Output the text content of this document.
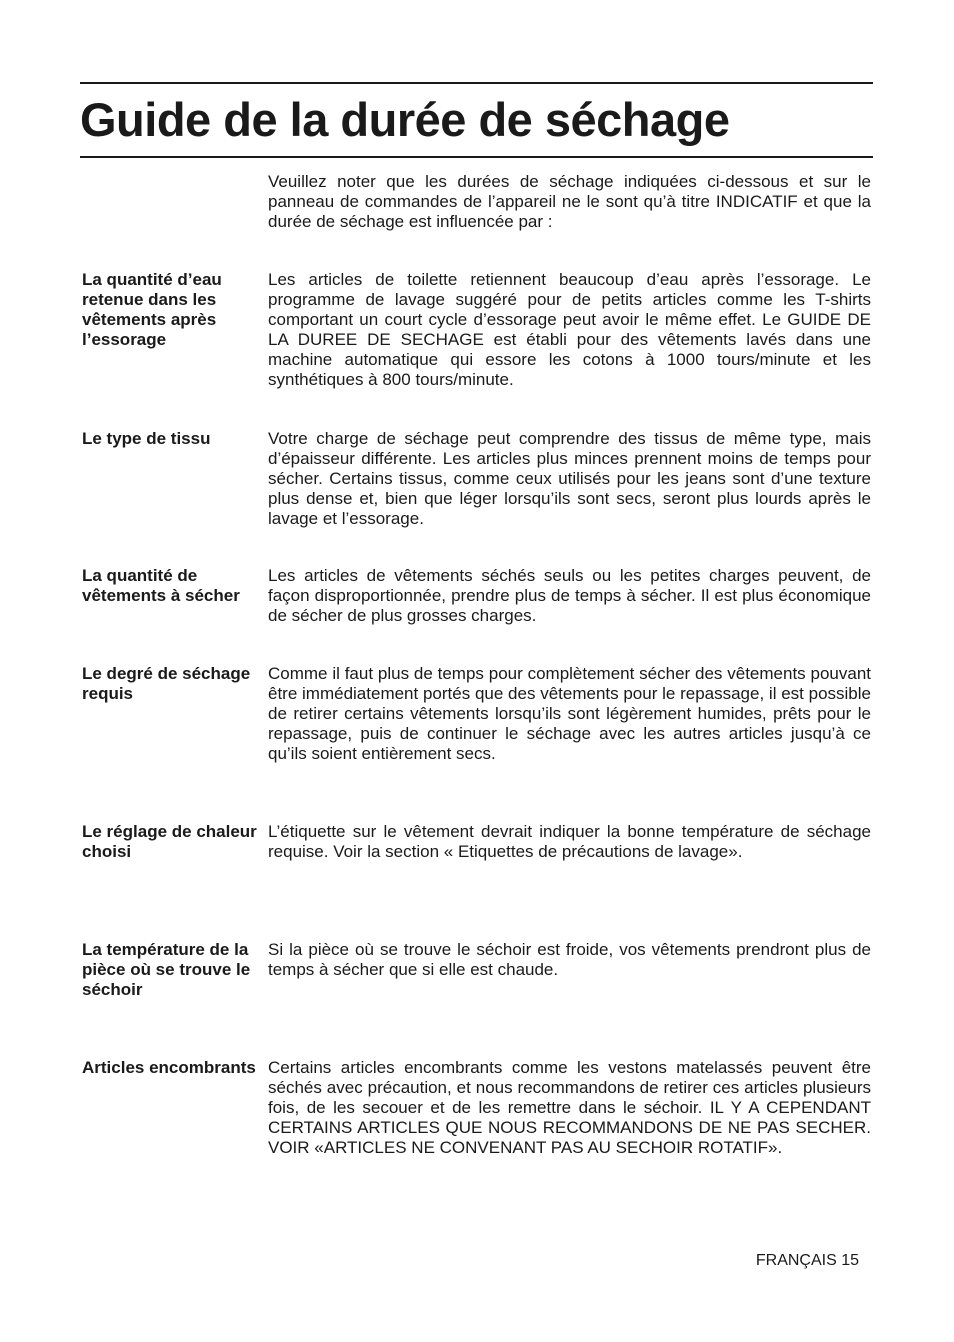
Guide de la durée de séchage

Veuillez noter que les durées de séchage indiquées ci-dessous et sur le panneau de commandes de l’appareil ne le sont qu’à titre INDICATIF et que la durée de séchage est influencée par :

La quantité d’eau retenue dans les vêtements après l’essorage

Les articles de toilette retiennent beaucoup d’eau après l’essorage. Le programme de lavage suggéré pour de petits articles comme les T-shirts comportant un court cycle d’essorage peut avoir le même effet. Le GUIDE DE LA DUREE DE SECHAGE est établi pour des vêtements lavés dans une machine automatique qui essore les cotons à 1000 tours/minute et les synthétiques à 800 tours/minute.

Le type de tissu	Votre charge de séchage peut comprendre des tissus de même type, mais d’épaisseur différente. Les articles plus minces prennent moins de temps pour sécher. Certains tissus, comme ceux utilisés pour les jeans sont d’une texture plus dense et, bien que léger lorsqu’ils sont secs, seront plus lourds après le lavage et l’essorage.

La quantité de vêtements à sécher

Les articles de vêtements séchés seuls ou les petites charges peuvent, de façon disproportionnée, prendre plus de temps à sécher. Il est plus économique de sécher de plus grosses charges.

Le degré de séchage requis

Comme il faut plus de temps pour complètement sécher des vêtements pouvant être immédiatement portés que des vêtements pour le repassage, il est possible de retirer certains vêtements lorsqu’ils sont légèrement humides, prêts pour le repassage, puis de continuer le séchage avec les autres articles jusqu’à ce qu’ils soient entièrement secs.

Le réglage de chaleur choisi

L’étiquette sur le vêtement devrait indiquer la bonne température de séchage requise. Voir la section « Etiquettes de précautions de lavage».

La température de la pièce où se trouve le séchoir

Si la pièce où se trouve le séchoir est froide, vos vêtements prendront plus de temps à sécher que si elle est chaude.

Articles encombrants Certains articles encombrants comme les vestons matelassés peuvent être séchés avec précaution, et nous recommandons de retirer ces articles plusieurs fois, de les secouer et de les remettre dans le séchoir. IL Y A CEPENDANT CERTAINS ARTICLES QUE NOUS RECOMMANDONS DE NE PAS SECHER. VOIR «ARTICLES NE CONVENANT PAS AU SECHOIR ROTATIF».

FRANÇAIS 15
